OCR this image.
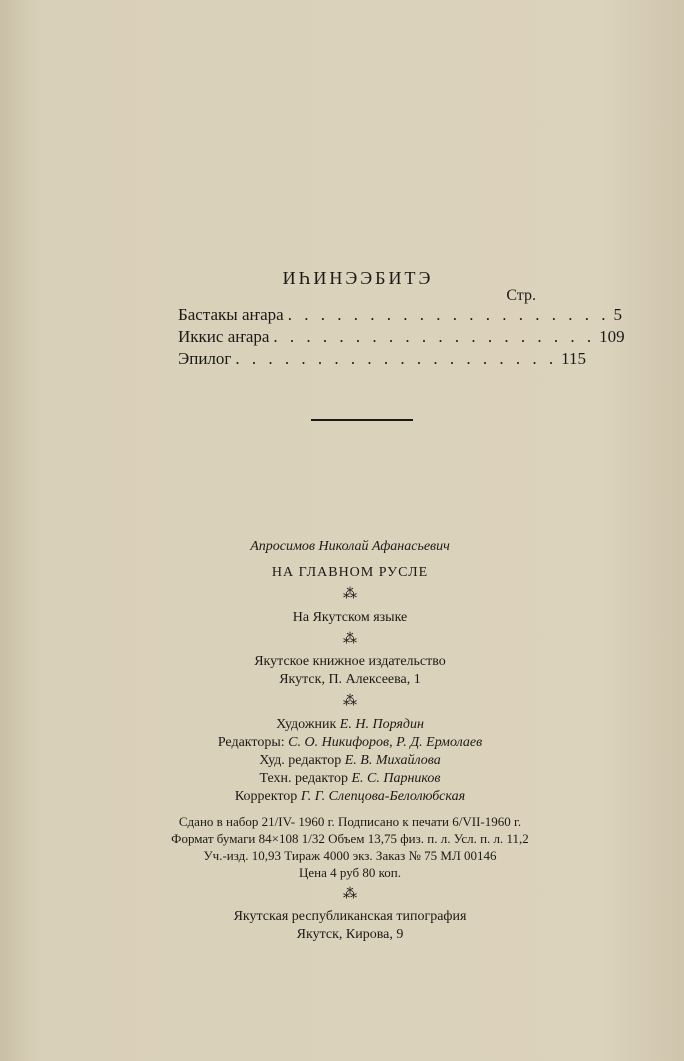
ИҺИНЭЭБИТЭ
Стр.
Бастакы аҥара . . . . . . . . . . . . . . . . . . . . 5
Иккис аҥара . . . . . . . . . . . . . . . . . . . . 109
Эпилог . . . . . . . . . . . . . . . . . . . . 115
Апросимов Николай Афанасьевич
НА ГЛАВНОМ РУСЛЕ
⁂
На Якутском языке
⁂
Якутское книжное издательство
Якутск, П. Алексеева, 1
⁂
Художник Е. Н. Порядин
Редакторы: С. О. Никифоров, Р. Д. Ермолаев
Худ. редактор Е. В. Михайлова
Техн. редактор Е. С. Парников
Корректор Г. Г. Слепцова-Белолюбская
Сдано в набор 21/IV- 1960 г. Подписано к печати 6/VII-1960 г.
Формат бумаги 84×108 1/32 Объем 13,75 физ. п. л. Усл. п. л. 11,2
Уч.-изд. 10,93 Тираж 4000 экз. Заказ № 75 МЛ 00146
Цена 4 руб 80 коп.
⁂
Якутская республиканская типография
Якутск, Кирова, 9
